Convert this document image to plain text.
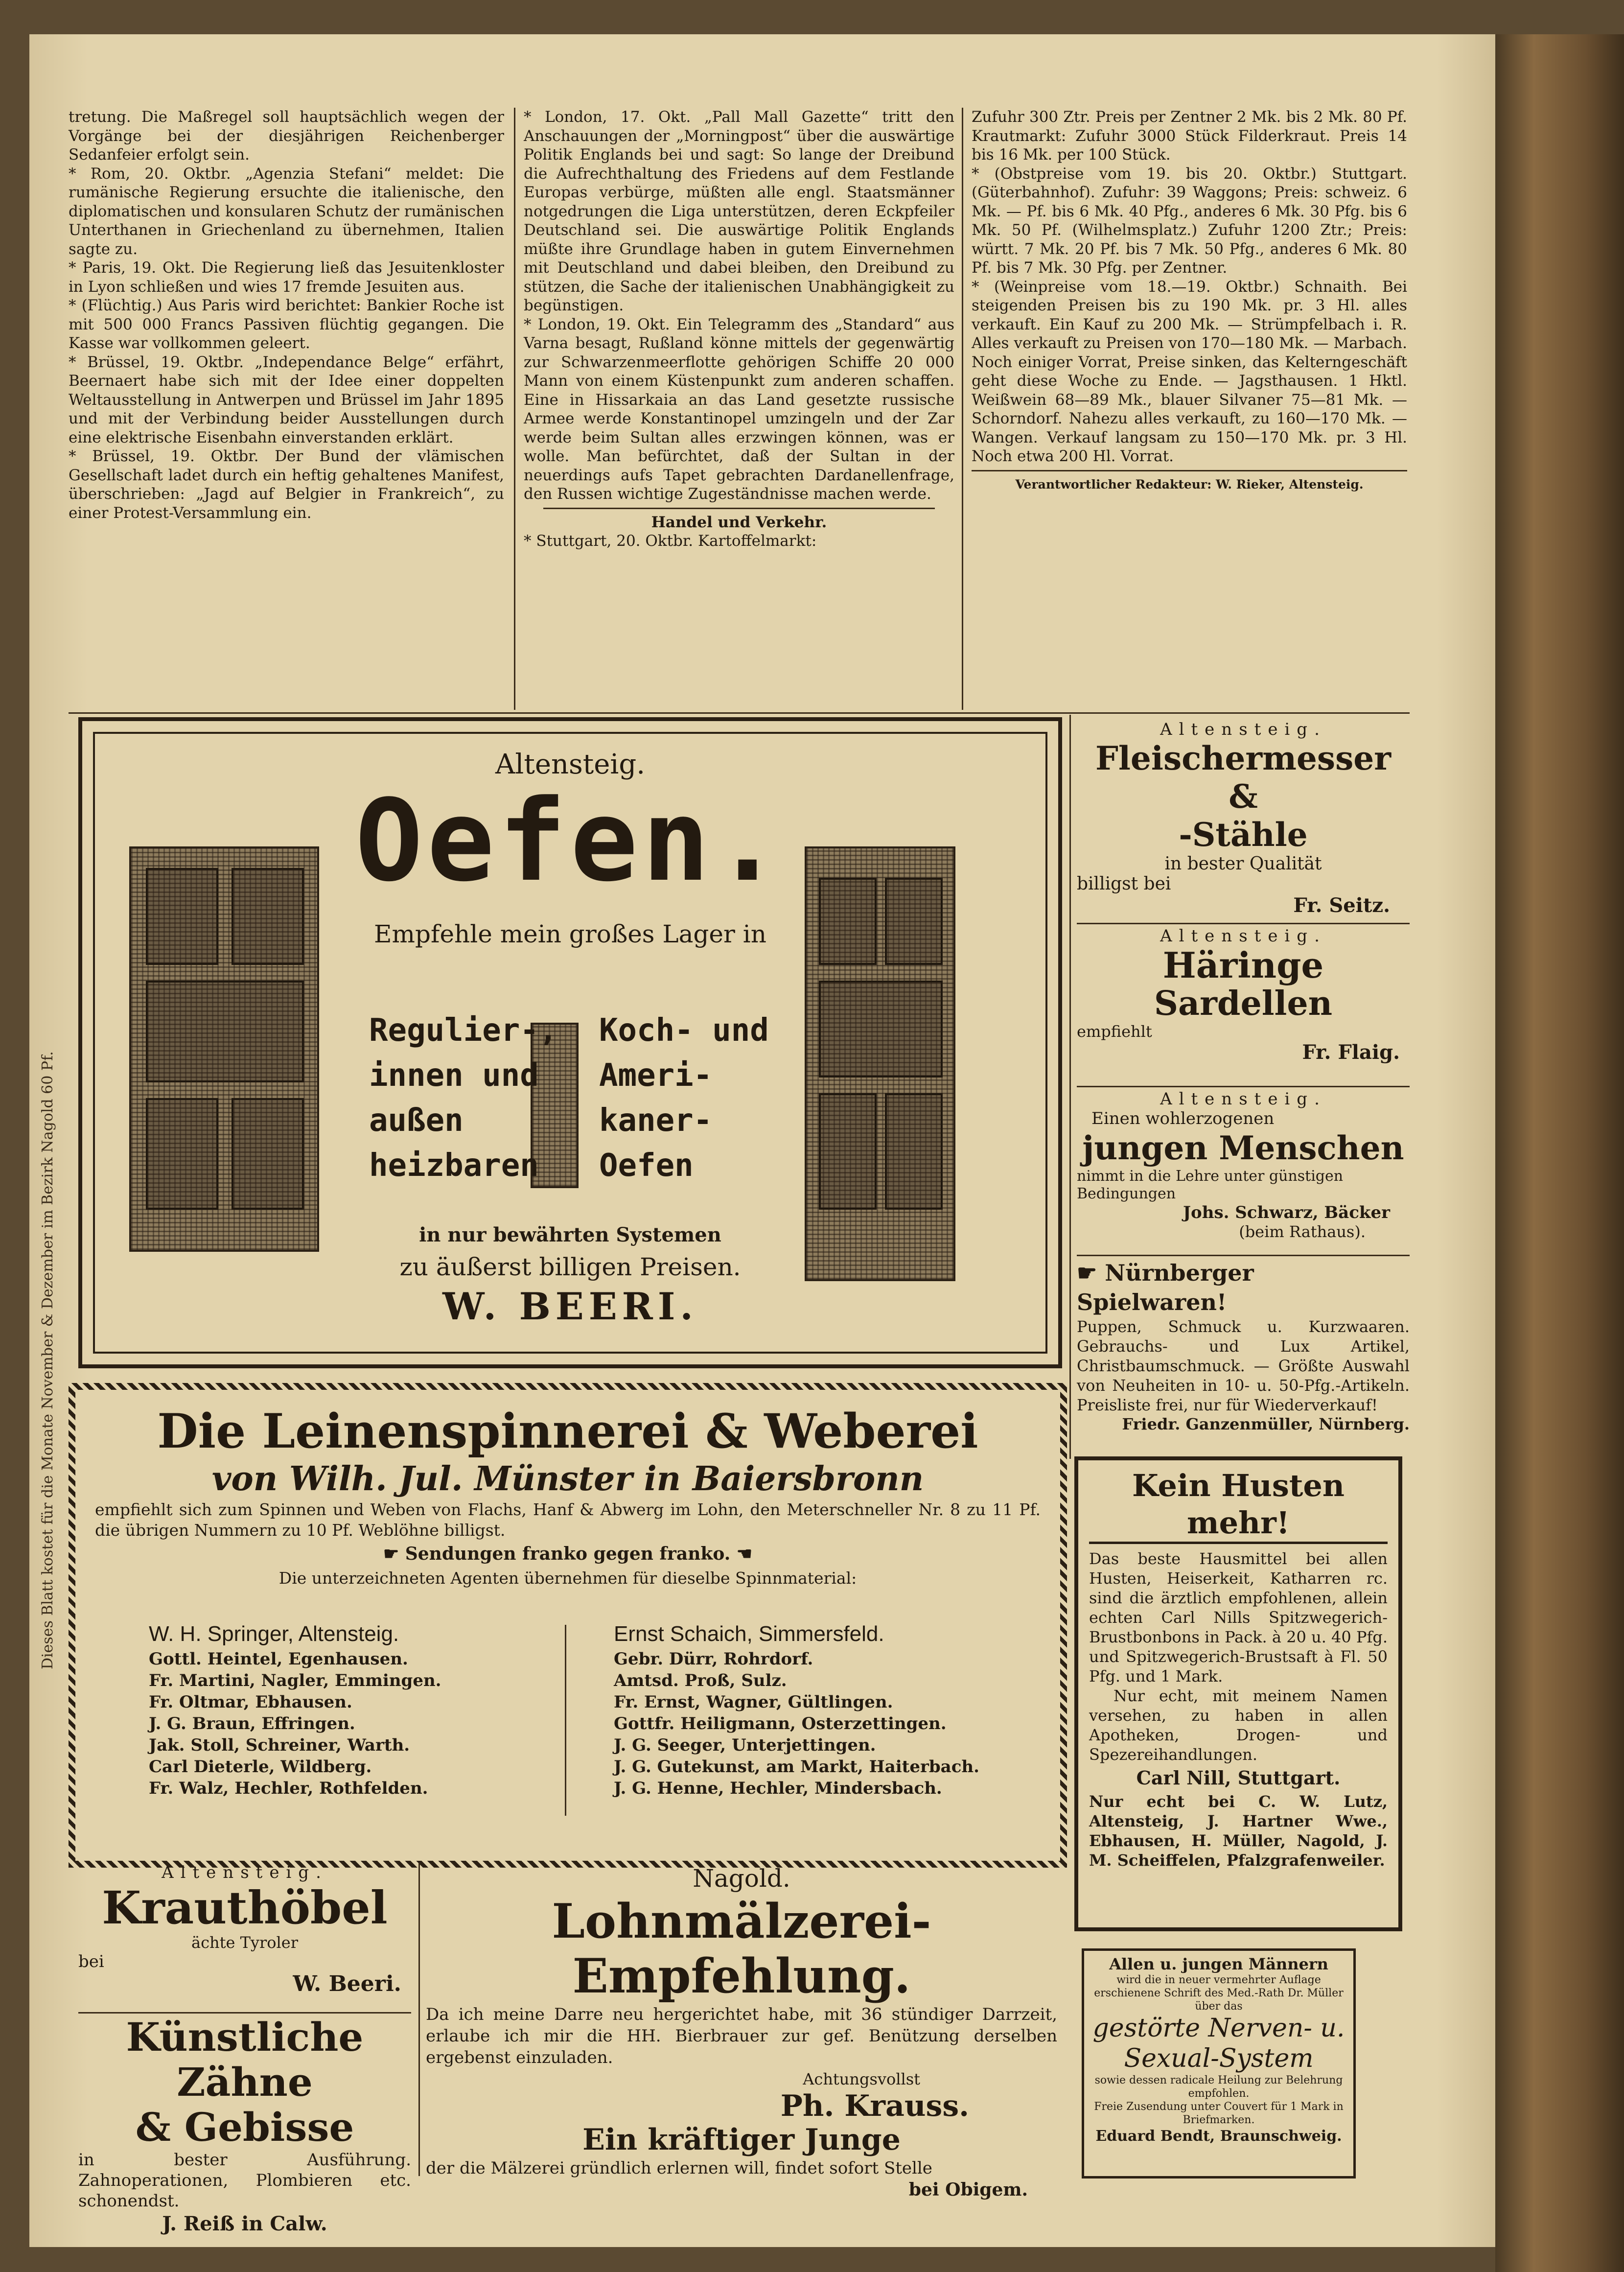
Dieses Blatt kostet für die Monate November & Dezember im Bezirk Nagold 60 Pf.

tretung. Die Maßregel soll hauptsächlich wegen der Vorgänge bei der diesjährigen Reichenberger Sedanfeier erfolgt sein.

* Rom, 20. Oktbr. „Agenzia Stefani“ meldet: Die rumänische Regierung ersuchte die italienische, den diplomatischen und konsularen Schutz der rumänischen Unterthanen in Griechenland zu übernehmen, Italien sagte zu.

* Paris, 19. Okt. Die Regierung ließ das Jesuitenkloster in Lyon schließen und wies 17 fremde Jesuiten aus.

* (Flüchtig.) Aus Paris wird berichtet: Bankier Roche ist mit 500 000 Francs Passiven flüchtig gegangen. Die Kasse war vollkommen geleert.

* Brüssel, 19. Oktbr. „Independance Belge“ erfährt, Beernaert habe sich mit der Idee einer doppelten Weltausstellung in Antwerpen und Brüssel im Jahr 1895 und mit der Verbindung beider Ausstellungen durch eine elektrische Eisenbahn einverstanden erklärt.

* Brüssel, 19. Oktbr. Der Bund der vlämischen Gesellschaft ladet durch ein heftig gehaltenes Manifest, überschrieben: „Jagd auf Belgier in Frankreich“, zu einer Protest-Versammlung ein.

* London, 17. Okt. „Pall Mall Gazette“ tritt den Anschauungen der „Morningpost“ über die auswärtige Politik Englands bei und sagt: So lange der Dreibund die Aufrechthaltung des Friedens auf dem Festlande Europas verbürge, müßten alle engl. Staatsmänner notgedrungen die Liga unterstützen, deren Eckpfeiler Deutschland sei. Die auswärtige Politik Englands müßte ihre Grundlage haben in gutem Einvernehmen mit Deutschland und dabei bleiben, den Dreibund zu stützen, die Sache der italienischen Unabhängigkeit zu begünstigen.

* London, 19. Okt. Ein Telegramm des „Standard“ aus Varna besagt, Rußland könne mittels der gegenwärtig zur Schwarzenmeerflotte gehörigen Schiffe 20 000 Mann von einem Küstenpunkt zum anderen schaffen. Eine in Hissarkaia an das Land gesetzte russische Armee werde Konstantinopel umzingeln und der Zar werde beim Sultan alles erzwingen können, was er wolle. Man befürchtet, daß der Sultan in der neuerdings aufs Tapet gebrachten Dardanellenfrage, den Russen wichtige Zugeständnisse machen werde.

Handel und Verkehr.

* Stuttgart, 20. Oktbr. Kartoffelmarkt:

Zufuhr 300 Ztr. Preis per Zentner 2 Mk. bis 2 Mk. 80 Pf. Krautmarkt: Zufuhr 3000 Stück Filderkraut. Preis 14 bis 16 Mk. per 100 Stück.

* (Obstpreise vom 19. bis 20. Oktbr.) Stuttgart. (Güterbahnhof). Zufuhr: 39 Waggons; Preis: schweiz. 6 Mk. — Pf. bis 6 Mk. 40 Pfg., anderes 6 Mk. 30 Pfg. bis 6 Mk. 50 Pf. (Wilhelmsplatz.) Zufuhr 1200 Ztr.; Preis: württ. 7 Mk. 20 Pf. bis 7 Mk. 50 Pfg., anderes 6 Mk. 80 Pf. bis 7 Mk. 30 Pfg. per Zentner.

* (Weinpreise vom 18.—19. Oktbr.) Schnaith. Bei steigenden Preisen bis zu 190 Mk. pr. 3 Hl. alles verkauft. Ein Kauf zu 200 Mk. — Strümpfelbach i. R. Alles verkauft zu Preisen von 170—180 Mk. — Marbach. Noch einiger Vorrat, Preise sinken, das Kelterngeschäft geht diese Woche zu Ende. — Jagsthausen. 1 Hktl. Weißwein 68—89 Mk., blauer Silvaner 75—81 Mk. — Schorndorf. Nahezu alles verkauft, zu 160—170 Mk. — Wangen. Verkauf langsam zu 150—170 Mk. pr. 3 Hl. Noch etwa 200 Hl. Vorrat.

Verantwortlicher Redakteur: W. Rieker, Altensteig.

Altensteig.
Oefen.
Empfehle mein großes Lager in
Regulier-,
innen und
außen
heizbaren
Koch- und
Ameri-
kaner-
Oefen
in nur bewährten Systemen
zu äußerst billigen Preisen.
W. BEERI.
Altensteig.
Fleischermesser &
-Stähle
in bester Qualität
billigst bei
Fr. Seitz.
Altensteig.
Häringe
Sardellen
empfiehlt
Fr. Flaig.
Altensteig.
Einen wohlerzogenen
jungen Menschen
nimmt in die Lehre unter günstigen Bedingungen
Johs. Schwarz, Bäcker
(beim Rathaus).
☛ Nürnberger Spielwaren!
Puppen, Schmuck u. Kurzwaaren. Gebrauchs- und Lux Artikel, Christbaumschmuck. — Größte Auswahl von Neuheiten in 10- u. 50-Pfg.-Artikeln. Preisliste frei, nur für Wiederverkauf!
Friedr. Ganzenmüller, Nürnberg.
Die Leinenspinnerei & Weberei
von Wilh. Jul. Münster in Baiersbronn
empfiehlt sich zum Spinnen und Weben von Flachs, Hanf & Abwerg im Lohn, den Meterschneller Nr. 8 zu 11 Pf. die übrigen Nummern zu 10 Pf. Weblöhne billigst.
☛ Sendungen franko gegen franko. ☚
Die unterzeichneten Agenten übernehmen für dieselbe Spinnmaterial:
W. H. Springer, Altensteig.
Gottl. Heintel, Egenhausen.
Fr. Martini, Nagler, Emmingen.
Fr. Oltmar, Ebhausen.
J. G. Braun, Effringen.
Jak. Stoll, Schreiner, Warth.
Carl Dieterle, Wildberg.
Fr. Walz, Hechler, Rothfelden.
Ernst Schaich, Simmersfeld.
Gebr. Dürr, Rohrdorf.
Amtsd. Proß, Sulz.
Fr. Ernst, Wagner, Gültlingen.
Gottfr. Heiligmann, Osterzettingen.
J. G. Seeger, Unterjettingen.
J. G. Gutekunst, am Markt, Haiterbach.
J. G. Henne, Hechler, Mindersbach.
Kein Husten mehr!
Das beste Hausmittel bei allen Husten, Heiserkeit, Katharren rc. sind die ärztlich empfohlenen, allein echten Carl Nills Spitzwegerich-Brustbonbons in Pack. à 20 u. 40 Pfg. und Spitzwegerich-Brustsaft à Fl. 50 Pfg. und 1 Mark.
Nur echt, mit meinem Namen versehen, zu haben in allen Apotheken, Drogen- und Spezereihandlungen.
Carl Nill, Stuttgart.
Nur echt bei C. W. Lutz, Altensteig, J. Hartner Wwe., Ebhausen, H. Müller, Nagold, J. M. Scheiffelen, Pfalzgrafenweiler.
Altensteig.
Krauthöbel
ächte Tyroler
bei
W. Beeri.
Künstliche Zähne
& Gebisse
in bester Ausführung. Zahnoperationen, Plombieren etc. schonendst.
J. Reiß in Calw.
Nagold.
Lohnmälzerei-Empfehlung.
Da ich meine Darre neu hergerichtet habe, mit 36 stündiger Darrzeit, erlaube ich mir die HH. Bierbrauer zur gef. Benützung derselben ergebenst einzuladen.
Achtungsvollst
Ph. Krauss.
Ein kräftiger Junge
der die Mälzerei gründlich erlernen will, findet sofort Stelle
bei Obigem.
Allen u. jungen Männern
wird die in neuer vermehrter Auflage erschienene Schrift des Med.-Rath Dr. Müller über das
gestörte Nerven- u. Sexual-System
sowie dessen radicale Heilung zur Belehrung empfohlen.
Freie Zusendung unter Couvert für 1 Mark in Briefmarken.
Eduard Bendt, Braunschweig.
